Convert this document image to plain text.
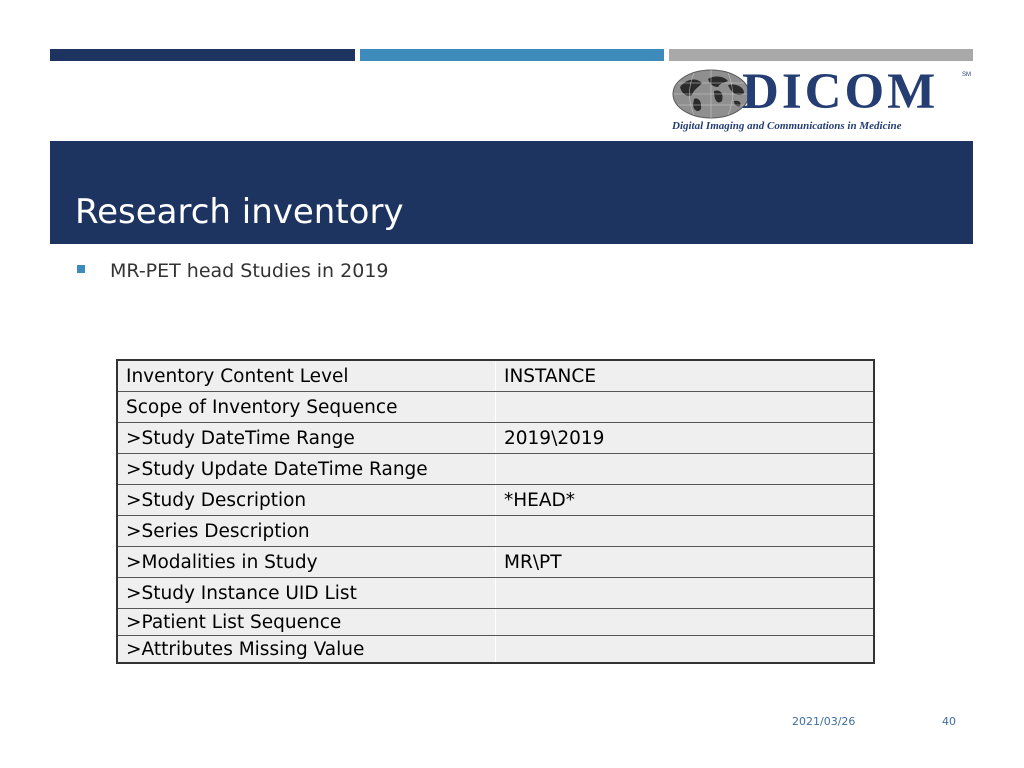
DICOM	SM
Digital Imaging and Communications in Medicine
Research inventory
MR-PET head Studies in 2019
Inventory Content Level	INSTANCE
Scope of Inventory Sequence	
>Study DateTime Range	2019\2019
>Study Update DateTime Range	
>Study Description	*HEAD*
>Series Description	
>Modalities in Study	MR\PT
>Study Instance UID List	
>Patient List Sequence	
>Attributes Missing Value	
2021/03/26	40
